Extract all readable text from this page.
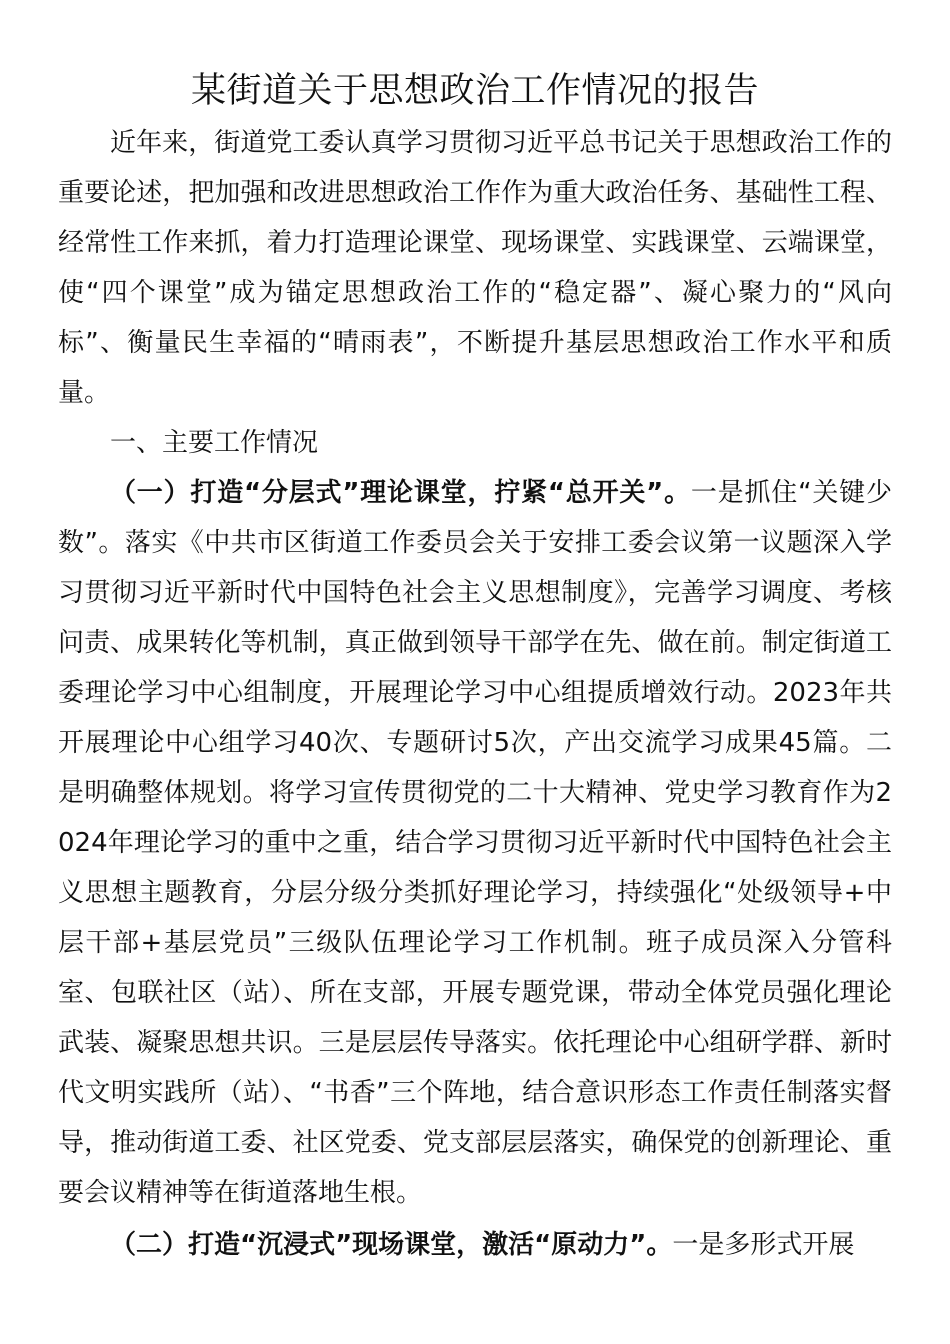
某街道关于思想政治工作情况的报告

近年来，街道党工委认真学习贯彻习近平总书记关于思想政治工作的重要论述，把加强和改进思想政治工作作为重大政治任务、基础性工程、经常性工作来抓，着力打造理论课堂、现场课堂、实践课堂、云端课堂，使“四个课堂”成为锚定思想政治工作的“稳定器”、凝心聚力的“风向标”、衡量民生幸福的“晴雨表”，不断提升基层思想政治工作水平和质量。

一、主要工作情况

（一）打造“分层式”理论课堂，拧紧“总开关”。一是抓住“关键少数”。落实《中共市区街道工作委员会关于安排工委会议第一议题深入学习贯彻习近平新时代中国特色社会主义思想制度》，完善学习调度、考核问责、成果转化等机制，真正做到领导干部学在先、做在前。制定街道工委理论学习中心组制度，开展理论学习中心组提质增效行动。2023年共开展理论中心组学习40次、专题研讨5次，产出交流学习成果45篇。二是明确整体规划。将学习宣传贯彻党的二十大精神、党史学习教育作为2024年理论学习的重中之重，结合学习贯彻习近平新时代中国特色社会主义思想主题教育，分层分级分类抓好理论学习，持续强化“处级领导+中层干部+基层党员”三级队伍理论学习工作机制。班子成员深入分管科室、包联社区（站）、所在支部，开展专题党课，带动全体党员强化理论武装、凝聚思想共识。三是层层传导落实。依托理论中心组研学群、新时代文明实践所（站）、“书香”三个阵地，结合意识形态工作责任制落实督导，推动街道工委、社区党委、党支部层层落实，确保党的创新理论、重要会议精神等在街道落地生根。

（二）打造“沉浸式”现场课堂，激活“原动力”。一是多形式开展
